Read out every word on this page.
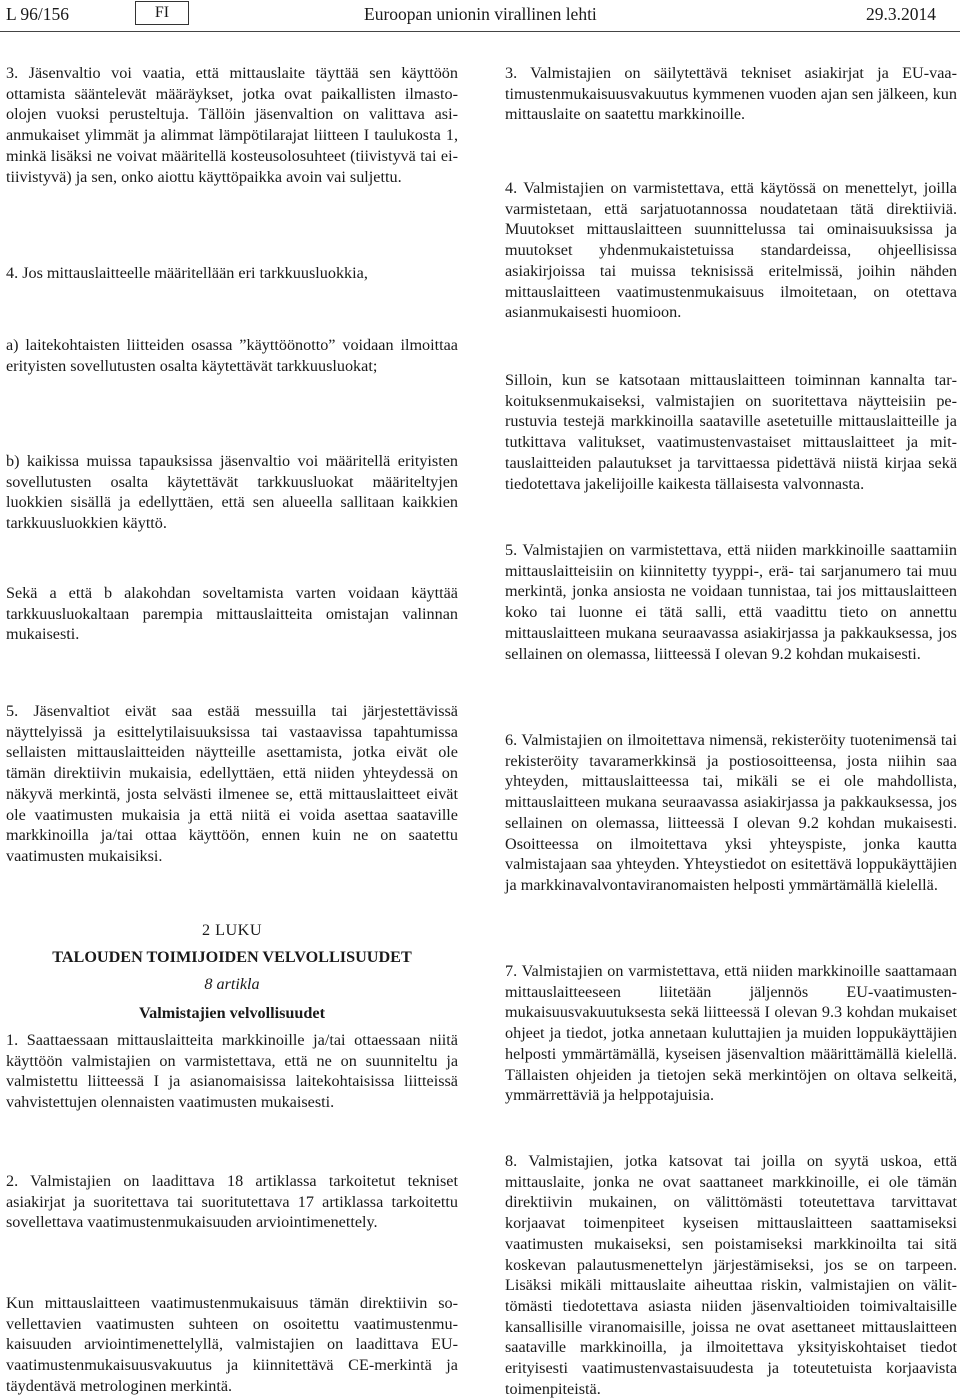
L 96/156	FI	Euroopan unionin virallinen lehti	29.3.2014

3. Jäsenvaltio voi vaatia, että mittauslaite täyttää sen käyttöön ottamista sääntelevät määräykset, jotka ovat paikallisten ilmastoolojen vuoksi perusteltuja. Tällöin jäsenvaltion on valittava asianmukaiset ylimmät ja alimmat lämpötilarajat liitteen I taulukosta 1, minkä lisäksi ne voivat määritellä kosteusolosuhteet (tiivistyvä tai ei-tiivistyvä) ja sen, onko aiottu käyttöpaikka avoin vai suljettu.

4. Jos mittauslaitteelle määritellään eri tarkkuusluokkia,

a) laitekohtaisten liitteiden osassa ”käyttöönotto” voidaan ilmoittaa erityisten sovellutusten osalta käytettävät tarkkuusluokat;

b) kaikissa muissa tapauksissa jäsenvaltio voi määritellä erityisten sovellutusten osalta käytettävät tarkkuusluokat määriteltyjen luokkien sisällä ja edellyttäen, että sen alueella sallitaan kaikkien tarkkuusluokkien käyttö.

Sekä a että b alakohdan soveltamista varten voidaan käyttää tarkkuusluokaltaan parempia mittauslaitteita omistajan valinnan mukaisesti.

5. Jäsenvaltiot eivät saa estää messuilla tai järjestettävissä näyttelyissä ja esittelytilaisuuksissa tai vastaavissa tapahtumissa sellaisten mittauslaitteiden näytteille asettamista, jotka eivät ole tämän direktiivin mukaisia, edellyttäen, että niiden yhteydessä on näkyvä merkintä, josta selvästi ilmenee se, että mittauslaitteet eivät ole vaatimusten mukaisia ja että niitä ei voida asettaa saataville markkinoilla ja/tai ottaa käyttöön, ennen kuin ne on saatettu vaatimusten mukaisiksi.

2 LUKU

TALOUDEN TOIMIJOIDEN VELVOLLISUUDET

8 artikla

Valmistajien velvollisuudet

1. Saattaessaan mittauslaitteita markkinoille ja/tai ottaessaan niitä käyttöön valmistajien on varmistettava, että ne on suunniteltu ja valmistettu liitteessä I ja asianomaisissa laitekohtaisissa liitteissä vahvistettujen olennaisten vaatimusten mukaisesti.

2. Valmistajien on laadittava 18 artiklassa tarkoitetut tekniset asiakirjat ja suoritettava tai suoritutettava 17 artiklassa tarkoitettu sovellettava vaatimustenmukaisuuden arviointimenettely.

Kun mittauslaitteen vaatimustenmukaisuus tämän direktiivin sovellettavien vaatimusten suhteen on osoitettu vaatimustenmukaisuuden arviointimenettelyllä, valmistajien on laadittava EU-vaatimustenmukaisuusvakuutus ja kiinnitettävä CE-merkintä ja täydentävä metrologinen merkintä.

3. Valmistajien on säilytettävä tekniset asiakirjat ja EU-vaatimustenmukaisuusvakuutus kymmenen vuoden ajan sen jälkeen, kun mittauslaite on saatettu markkinoille.

4. Valmistajien on varmistettava, että käytössä on menettelyt, joilla varmistetaan, että sarjatuotannossa noudatetaan tätä direktiiviä. Muutokset mittauslaitteen suunnittelussa tai ominaisuuksissa ja muutokset yhdenmukaistetuissa standardeissa, ohjeellisissa asiakirjoissa tai muissa teknisissä eritelmissä, joihin nähden mittauslaitteen vaatimustenmukaisuus ilmoitetaan, on otettava asianmukaisesti huomioon.

Silloin, kun se katsotaan mittauslaitteen toiminnan kannalta tarkoituksenmukaiseksi, valmistajien on suoritettava näytteisiin perustuvia testejä markkinoilla saataville asetetuille mittauslaitteille ja tutkittava valitukset, vaatimustenvastaiset mittauslaitteet ja mittauslaitteiden palautukset ja tarvittaessa pidettävä niistä kirjaa sekä tiedotettava jakelijoille kaikesta tällaisesta valvonnasta.

5. Valmistajien on varmistettava, että niiden markkinoille saattamiin mittauslaitteisiin on kiinnitetty tyyppi-, erä- tai sarjanumero tai muu merkintä, jonka ansiosta ne voidaan tunnistaa, tai jos mittauslaitteen koko tai luonne ei tätä salli, että vaadittu tieto on annettu mittauslaitteen mukana seuraavassa asiakirjassa ja pakkauksessa, jos sellainen on olemassa, liitteessä I olevan 9.2 kohdan mukaisesti.

6. Valmistajien on ilmoitettava nimensä, rekisteröity tuotenimensä tai rekisteröity tavaramerkkinsä ja postiosoitteensa, josta niihin saa yhteyden, mittauslaitteessa tai, mikäli se ei ole mahdollista, mittauslaitteen mukana seuraavassa asiakirjassa ja pakkauksessa, jos sellainen on olemassa, liitteessä I olevan 9.2 kohdan mukaisesti. Osoitteessa on ilmoitettava yksi yhteyspiste, jonka kautta valmistajaan saa yhteyden. Yhteystiedot on esitettävä loppukäyttäjien ja markkinavalvontaviranomaisten helposti ymmärtämällä kielellä.

7. Valmistajien on varmistettava, että niiden markkinoille saattamaan mittauslaitteeseen liitetään jäljennös EU-vaatimustenmukaisuusvakuutuksesta sekä liitteessä I olevan 9.3 kohdan mukaiset ohjeet ja tiedot, jotka annetaan kuluttajien ja muiden loppukäyttäjien helposti ymmärtämällä, kyseisen jäsenvaltion määrittämällä kielellä. Tällaisten ohjeiden ja tietojen sekä merkintöjen on oltava selkeitä, ymmärrettäviä ja helppotajuisia.

8. Valmistajien, jotka katsovat tai joilla on syytä uskoa, että mittauslaite, jonka ne ovat saattaneet markkinoille, ei ole tämän direktiivin mukainen, on välittömästi toteutettava tarvittavat korjaavat toimenpiteet kyseisen mittauslaitteen saattamiseksi vaatimusten mukaiseksi, sen poistamiseksi markkinoilta tai sitä koskevan palautusmenettelyn järjestämiseksi, jos se on tarpeen. Lisäksi mikäli mittauslaite aiheuttaa riskin, valmistajien on välittömästi tiedotettava asiasta niiden jäsenvaltioiden toimivaltaisille kansallisille viranomaisille, joissa ne ovat asettaneet mittauslaitteen saataville markkinoilla, ja ilmoitettava yksityiskohtaiset tiedot erityisesti vaatimustenvastaisuudesta ja toteutetuista korjaavista toimenpiteistä.
